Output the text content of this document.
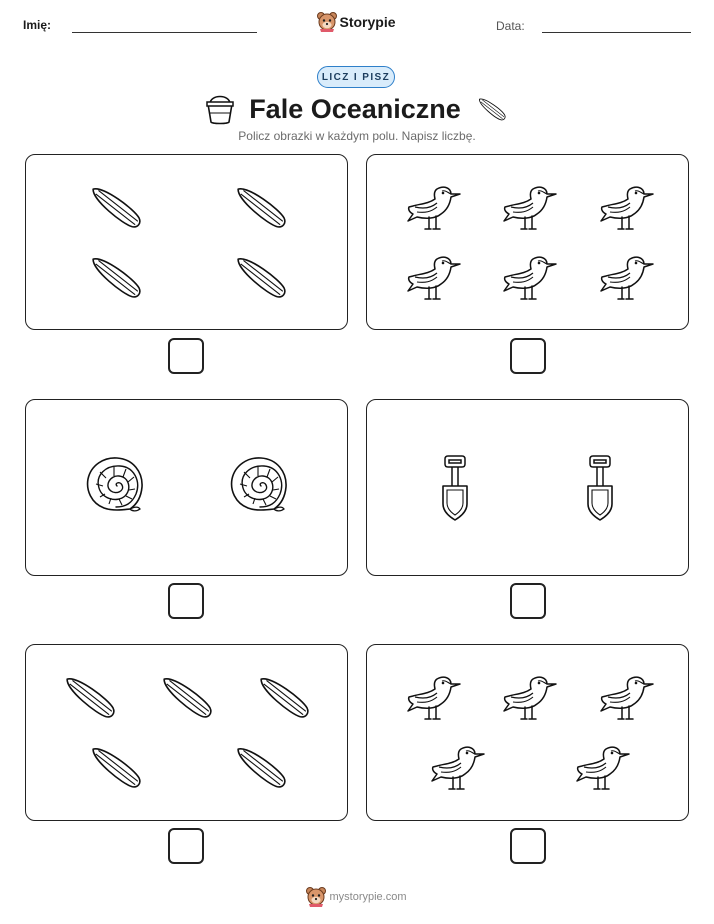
Imię:	Storypie	Data:
LICZ I PISZ
Fale Oceaniczne
Policz obrazki w każdym polu. Napisz liczbę.
mystorypie.com
